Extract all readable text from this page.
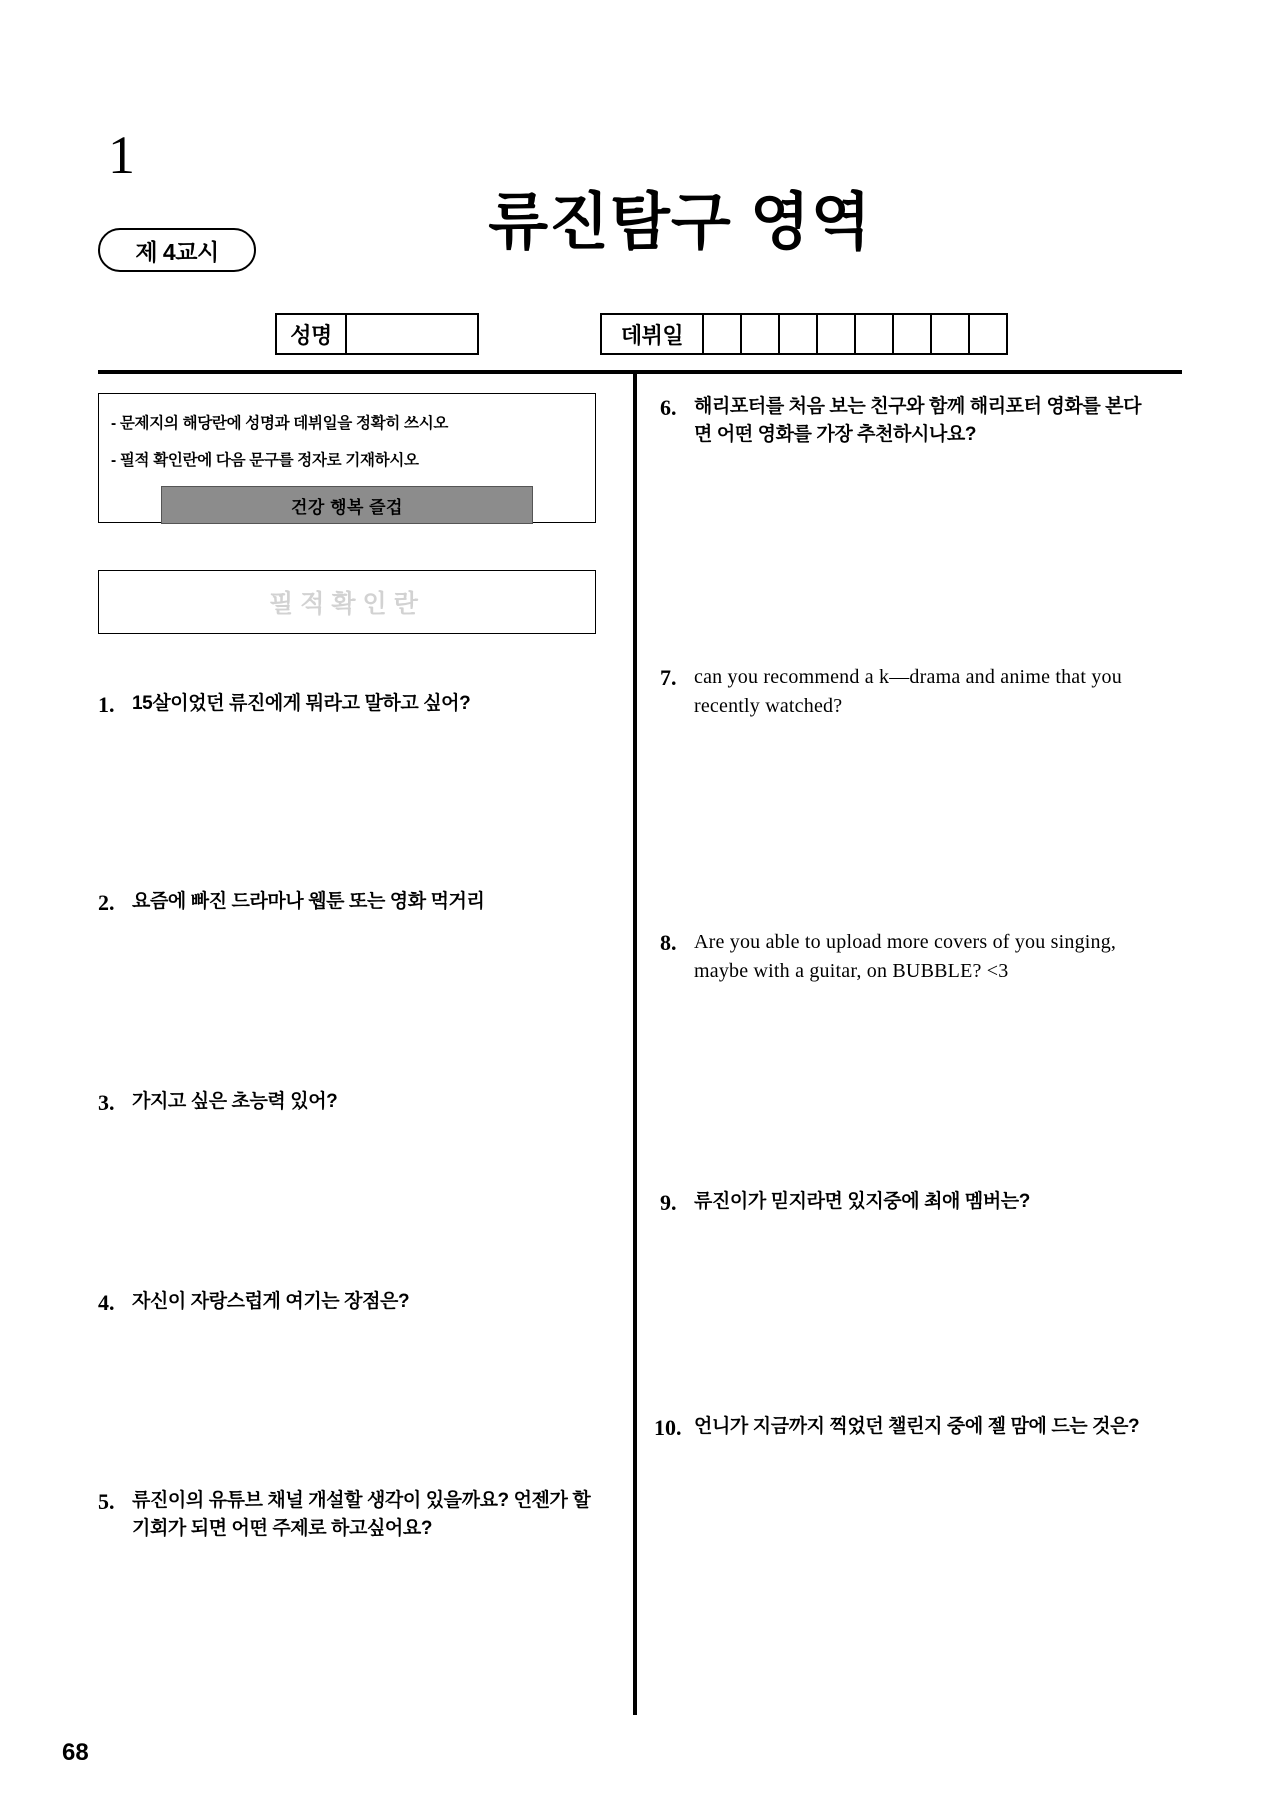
1
제 4교시	류진탐구 영역
성명	데뷔일

- 문제지의 해당란에 성명과 데뷔일을 정확히 쓰시오

- 필적 확인란에 다음 문구를 정자로 기재하시오

건강 행복 즐겁
필적확인란
1. 15살이었던 류진에게 뭐라고 말하고 싶어?
2. 요즘에 빠진 드라마나 웹툰 또는 영화 먹거리
3. 가지고 싶은 초능력 있어?
4. 자신이 자랑스럽게 여기는 장점은?
5. 류진이의 유튜브 채널 개설할 생각이 있을까요? 언젠가 할
기회가 되면 어떤 주제로 하고싶어요?
6. 해리포터를 처음 보는 친구와 함께 해리포터 영화를 본다
면 어떤 영화를 가장 추천하시나요?
7. can you recommend a k—drama and anime that you
recently watched?
8. Are you able to upload more covers of you singing,
maybe with a guitar, on BUBBLE? <3
9. 류진이가 믿지라면 있지중에 최애 멤버는?
10. 언니가 지금까지 찍었던 챌린지 중에 젤 맘에 드는 것은?
68
